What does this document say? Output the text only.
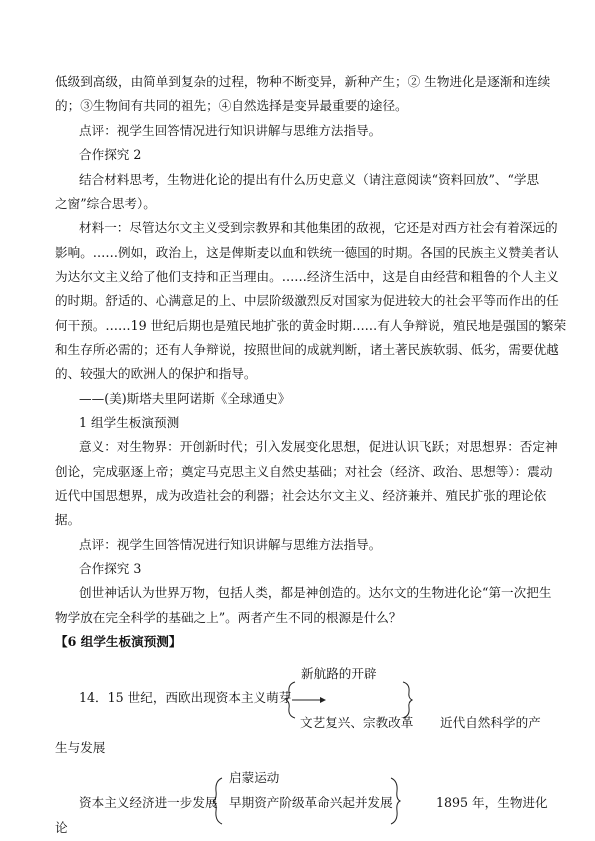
低级到高级，由简单到复杂的过程，物种不断变异，新种产生；② 生物进化是逐渐和连续
的；③生物间有共同的祖先；④自然选择是变异最重要的途径。
点评：视学生回答情况进行知识讲解与思维方法指导。
合作探究 2
结合材料思考，生物进化论的提出有什么历史意义（请注意阅读“资料回放”、“学思
之窗”综合思考）。
材料一：尽管达尔文主义受到宗教界和其他集团的敌视，它还是对西方社会有着深远的
影响。……例如，政治上，这是俾斯麦以血和铁统一德国的时期。各国的民族主义赞美者认
为达尔文主义给了他们支持和正当理由。……经济生活中，这是自由经营和粗鲁的个人主义
的时期。舒适的、心满意足的上、中层阶级激烈反对国家为促进较大的社会平等而作出的任
何干预。……19 世纪后期也是殖民地扩张的黄金时期……有人争辩说，殖民地是强国的繁荣
和生存所必需的；还有人争辩说，按照世间的成就判断，诸土著民族软弱、低劣，需要优越
的、较强大的欧洲人的保护和指导。
——(美)斯塔夫里阿诺斯《全球通史》
1 组学生板演预测
意义：对生物界：开创新时代；引入发展变化思想，促进认识飞跃；对思想界：否定神
创论，完成驱逐上帝；奠定马克思主义自然史基础；对社会（经济、政治、思想等）：震动
近代中国思想界，成为改造社会的利器；社会达尔文主义、经济兼并、殖民扩张的理论依
据。
点评：视学生回答情况进行知识讲解与思维方法指导。
合作探究 3
创世神话认为世界万物，包括人类，都是神创造的。达尔文的生物进化论“第一次把生
物学放在完全科学的基础之上”。两者产生不同的根源是什么？
【6 组学生板演预测】
新航路的开辟
14．15 世纪，西欧出现资本主义萌芽
文艺复兴、宗教改革 近代自然科学的产
生与发展
启蒙运动
资本主义经济进一步发展 早期资产阶级革命兴起并发展	1895 年，生物进化
论
